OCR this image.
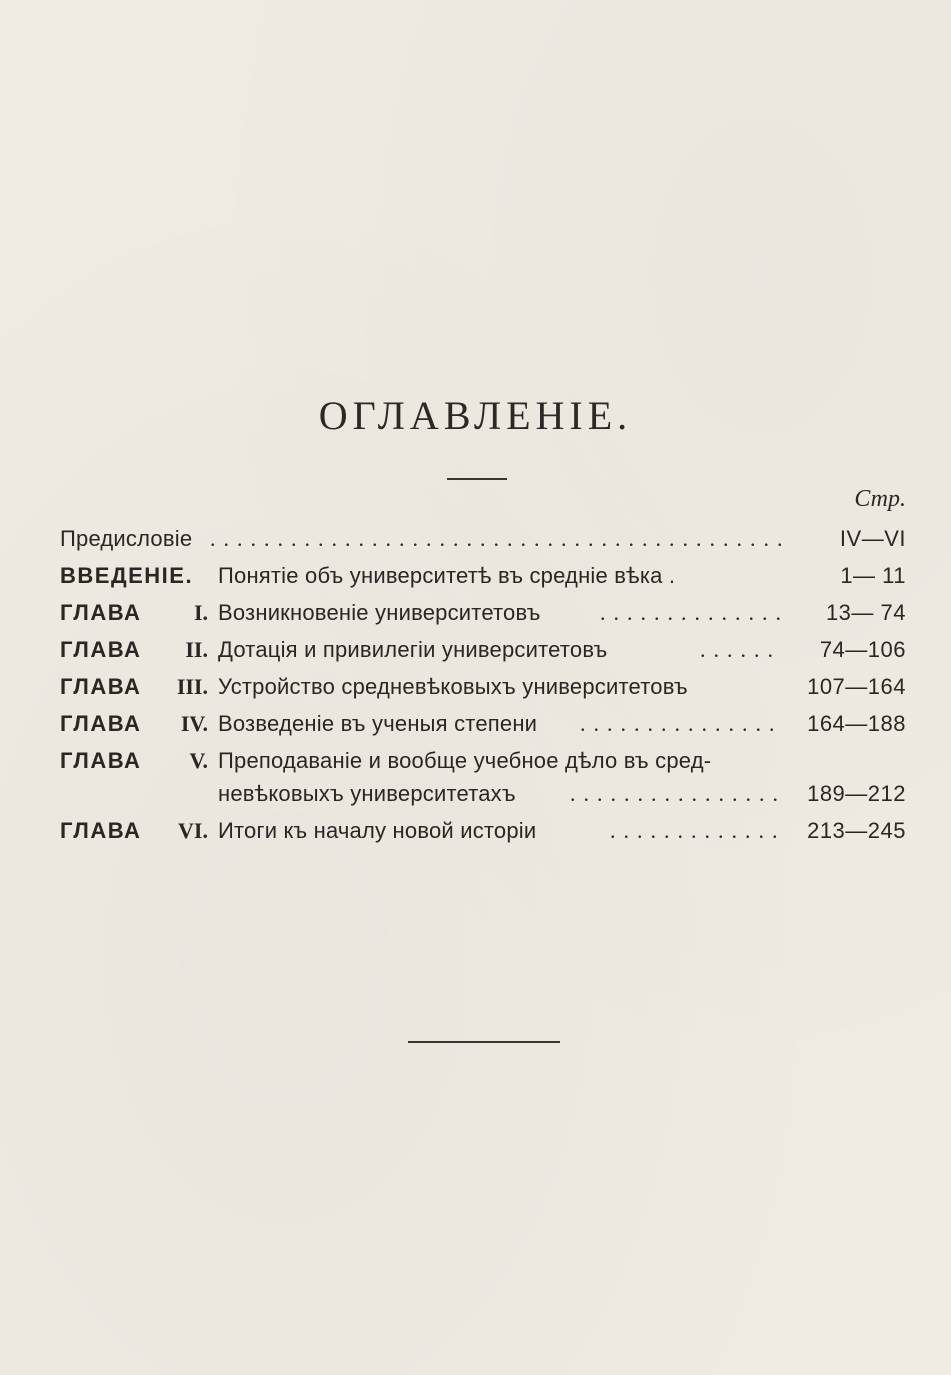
ОГЛАВЛЕНІЕ.
Стр.
Предисловіе ........................................... IV—VI
ВВЕДЕНІЕ. Понятіе объ университетѣ въ средніе вѣка .	1— 11
ГЛАВА	I. Возникновеніе университетовъ	.............. 13— 74
ГЛАВА	II. Дотація и привилегіи университетовъ	...... 74—106
ГЛАВА	III. Устройство средневѣковыхъ университетовъ	107—164
ГЛАВА	IV. Возведеніе въ ученыя степени ............... 164—188
ГЛАВА	V. Преподаваніе и вообще учебное дѣло въ сред-
невѣковыхъ университетахъ ................ 189—212
ГЛАВА	VI. Итоги къ началу новой исторіи	............. 213—245
